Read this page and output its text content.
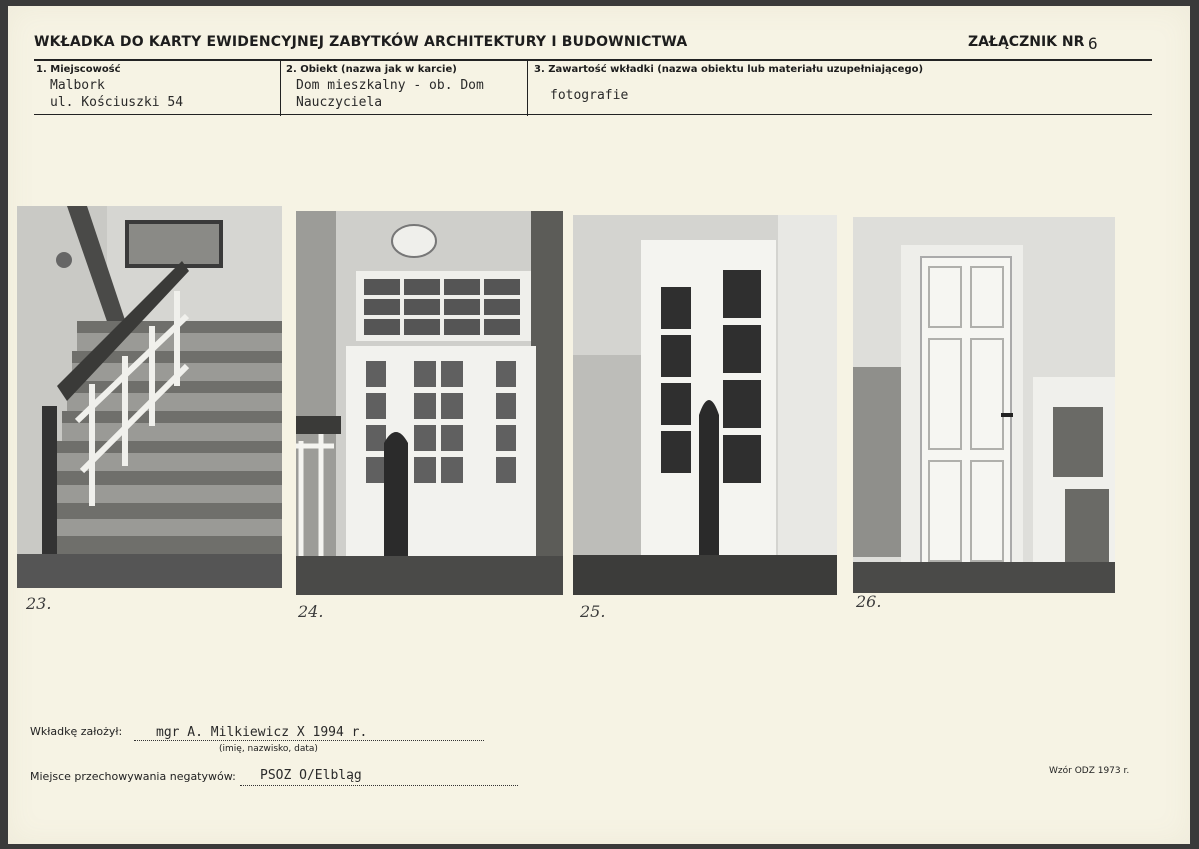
WKŁADKA DO KARTY EWIDENCYJNEJ ZABYTKÓW ARCHITEKTURY I BUDOWNICTWA	ZAŁĄCZNIK NR 6
1. Miejscowość
Malbork
ul. Kościuszki 54
2. Obiekt (nazwa jak w karcie)
Dom mieszkalny - ob. Dom
Nauczyciela
3. Zawartość wkładki (nazwa obiektu lub materiału uzupełniającego)
fotografie
23.	24.	25.
26.
Wkładkę założył:	mgr A. Milkiewicz X 1994 r.
(imię, nazwisko, data)
Miejsce przechowywania negatywów: PSOZ O/Elbląg	Wzór ODZ 1973 r.
